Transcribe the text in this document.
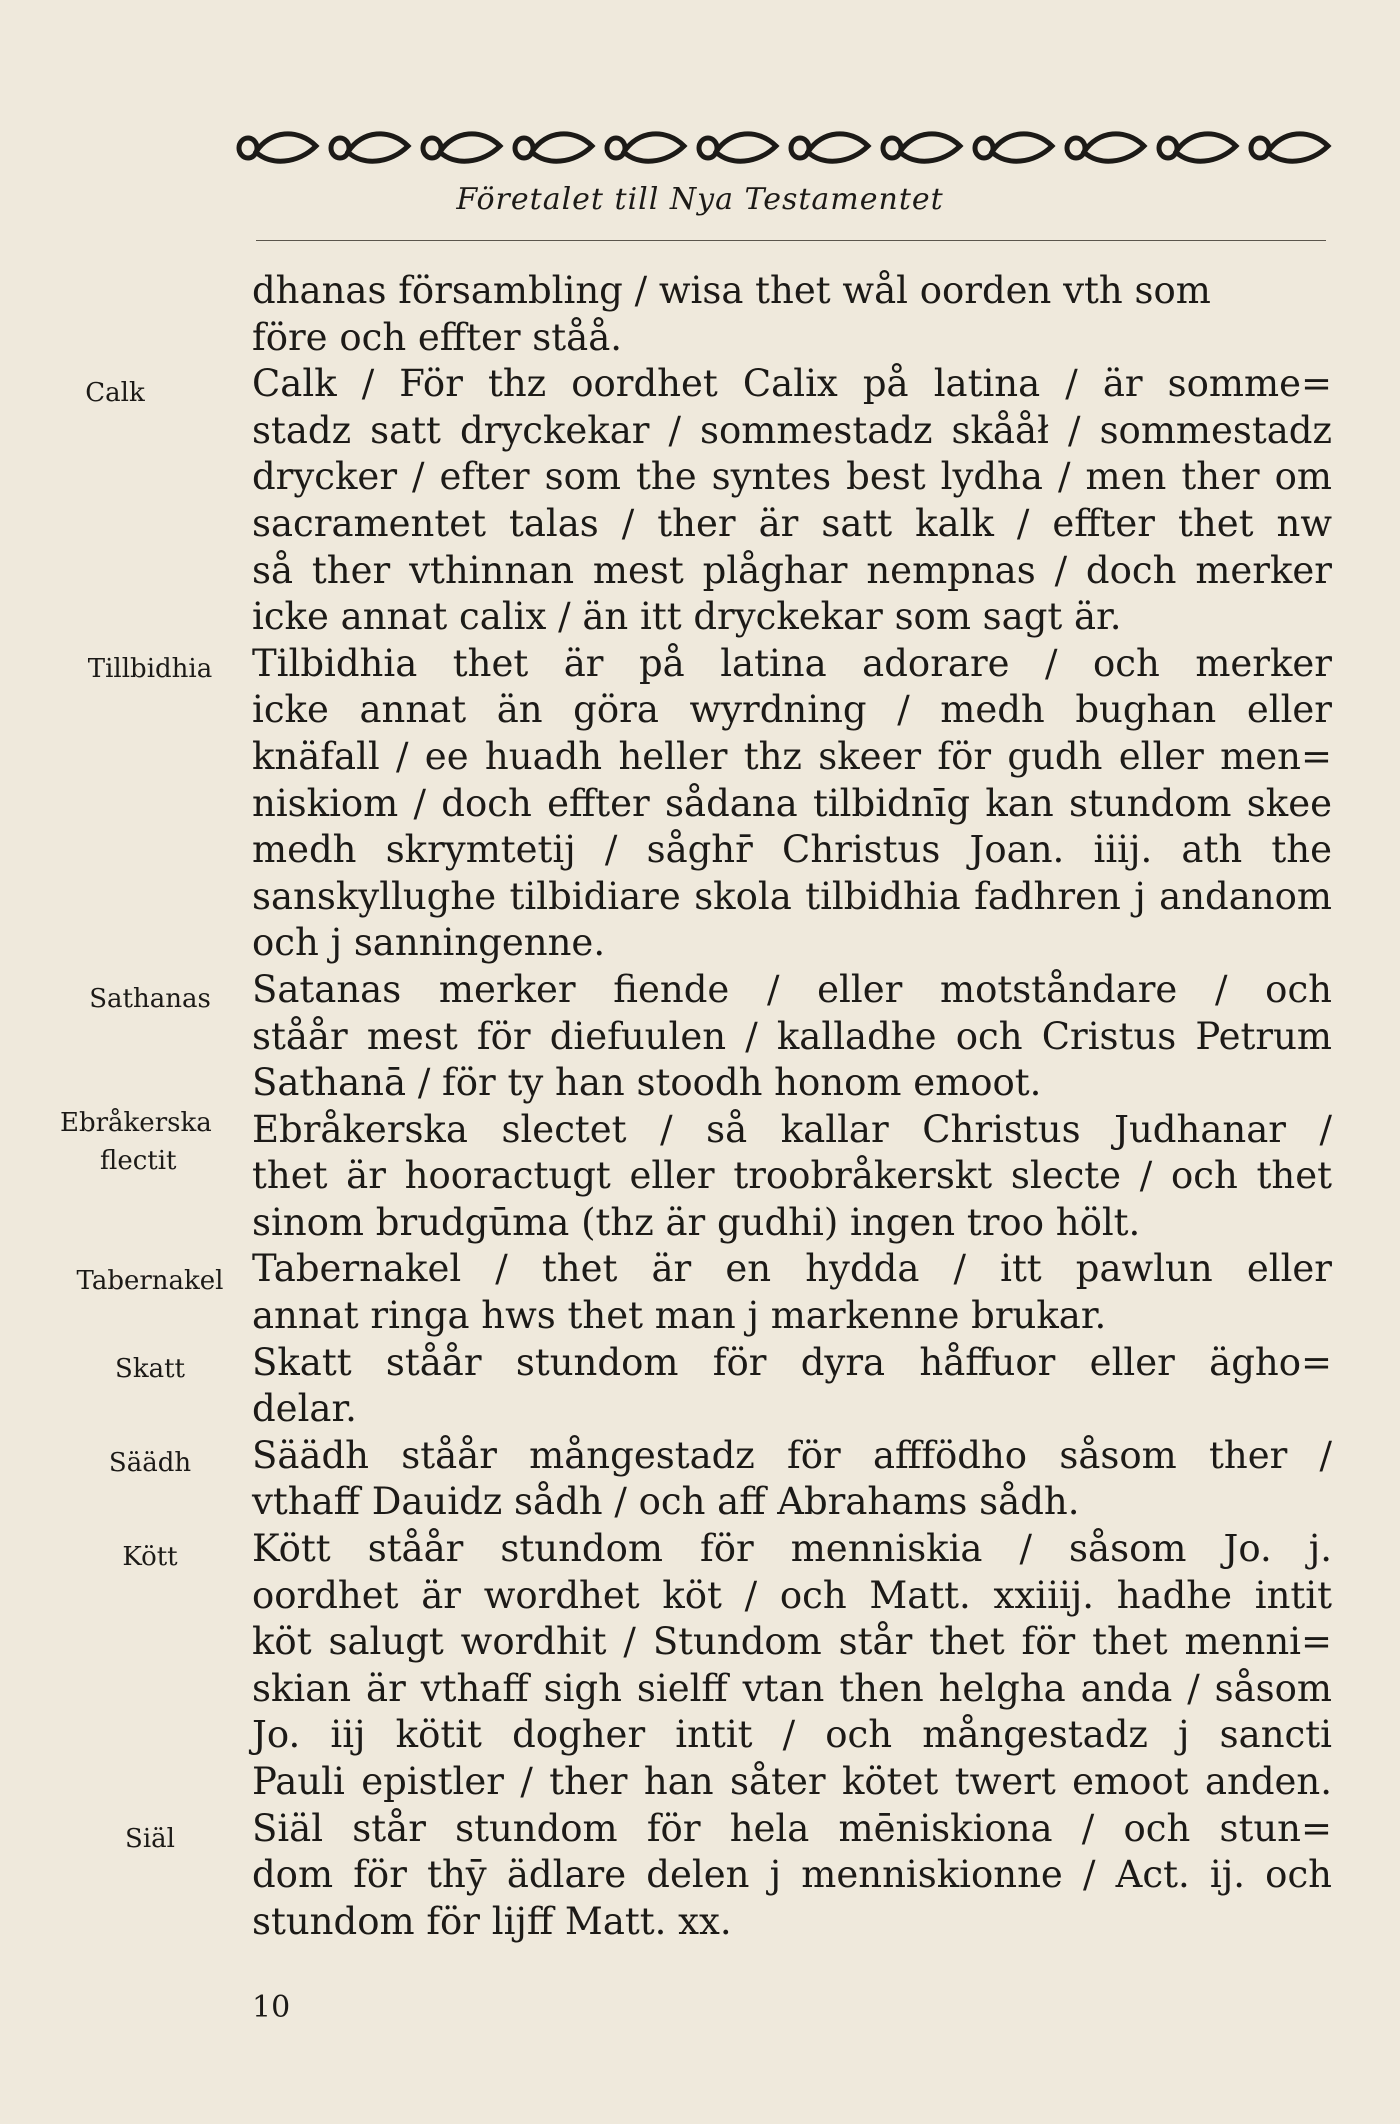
Företalet till Nya Testamentet
Calk
Tillbidhia
Sathanas
Ebråkerska
flectit
Tabernakel
Skatt
Säädh
Kött
Siäl
dhanas försambling / wisa thet wål oorden vth som
före och effter ståå.
Calk / För thz oordhet Calix på latina / är somme=
stadz satt dryckekar / sommestadz skååł / sommestadz
drycker / efter som the syntes best lydha / men ther om
sacramentet talas / ther är satt kalk / effter thet nw
så ther vthinnan mest plåghar nempnas / doch merker
icke annat calix / än itt dryckekar som sagt är.
Tilbidhia thet är på latina adorare / och merker
icke annat än göra wyrdning / medh bughan eller
knäfall / ee huadh heller thz skeer för gudh eller men=
niskiom / doch effter sådana tilbidnīg kan stundom skee
medh skrymtetij / såghr̄ Christus Joan. iiij. ath the
sanskyllughe tilbidiare skola tilbidhia fadhren j andanom
och j sanningenne.
Satanas merker fiende / eller motståndare / och
ståår mest för diefuulen / kalladhe och Cristus Petrum
Sathanā / för ty han stoodh honom emoot.
Ebråkerska slectet / så kallar Christus Judhanar /
thet är hooractugt eller troobråkerskt slecte / och thet
sinom brudgūma (thz är gudhi) ingen troo hölt.
Tabernakel / thet är en hydda / itt pawlun eller
annat ringa hws thet man j markenne brukar.
Skatt ståår stundom för dyra håffuor eller ägho=
delar.
Säädh ståår mångestadz för afffödho såsom ther /
vthaff Dauidz sådh / och aff Abrahams sådh.
Kött ståår stundom för menniskia / såsom Jo. j.
oordhet är wordhet köt / och Matt. xxiiij. hadhe intit
köt salugt wordhit / Stundom står thet för thet menni=
skian är vthaff sigh sielff vtan then helgha anda / såsom
Jo. iij kötit dogher intit / och mångestadz j sancti
Pauli epistler / ther han såter kötet twert emoot anden.
Siäl står stundom för hela mēniskiona / och stun=
dom för thȳ ädlare delen j menniskionne / Act. ij. och
stundom för lijff Matt. xx.
10
